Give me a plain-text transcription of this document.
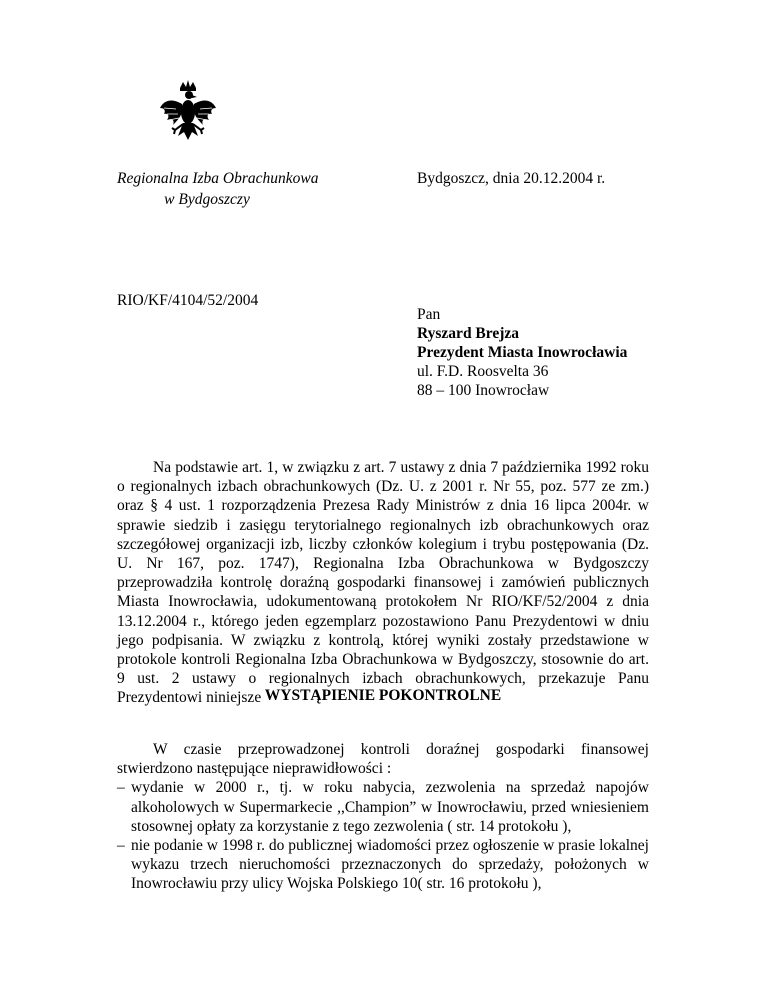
Regionalna Izba Obrachunkowa
w Bydgoszczy
Bydgoszcz, dnia 20.12.2004 r.
RIO/KF/4104/52/2004
Pan
Ryszard Brejza
Prezydent Miasta Inowrocławia
ul. F.D. Roosvelta 36
88 – 100 Inowrocław
Na podstawie art. 1, w związku z art. 7 ustawy z dnia 7 października 1992 roku o regionalnych izbach obrachunkowych (Dz. U. z 2001 r. Nr 55, poz. 577 ze zm.) oraz § 4 ust. 1 rozporządzenia Prezesa Rady Ministrów z dnia 16 lipca 2004r. w sprawie siedzib i zasięgu terytorialnego regionalnych izb obrachunkowych oraz szczegółowej organizacji izb, liczby członków kolegium i trybu postępowania (Dz. U. Nr 167, poz. 1747), Regionalna Izba Obrachunkowa w Bydgoszczy przeprowadziła kontrolę doraźną gospodarki finansowej i zamówień publicznych Miasta Inowrocławia, udokumentowaną protokołem Nr RIO/KF/52/2004 z dnia 13.12.2004 r., którego jeden egzemplarz pozostawiono Panu Prezydentowi w dniu jego podpisania. W związku z kontrolą, której wyniki zostały przedstawione w protokole kontroli Regionalna Izba Obrachunkowa w Bydgoszczy, stosownie do art. 9 ust. 2 ustawy o regionalnych izbach obrachunkowych, przekazuje Panu Prezydentowi niniejsze WYSTĄPIENIE POKONTROLNE
W czasie przeprowadzonej kontroli doraźnej gospodarki finansowej stwierdzono następujące nieprawidłowości :
– wydanie w 2000 r., tj. w roku nabycia, zezwolenia na sprzedaż napojów alkoholowych w Supermarkecie ,,Champion” w Inowrocławiu, przed wniesieniem stosownej opłaty za korzystanie z tego zezwolenia ( str. 14 protokołu ),
– nie podanie w 1998 r. do publicznej wiadomości przez ogłoszenie w prasie lokalnej wykazu trzech nieruchomości przeznaczonych do sprzedaży, położonych w Inowrocławiu przy ulicy Wojska Polskiego 10( str. 16 protokołu ),
